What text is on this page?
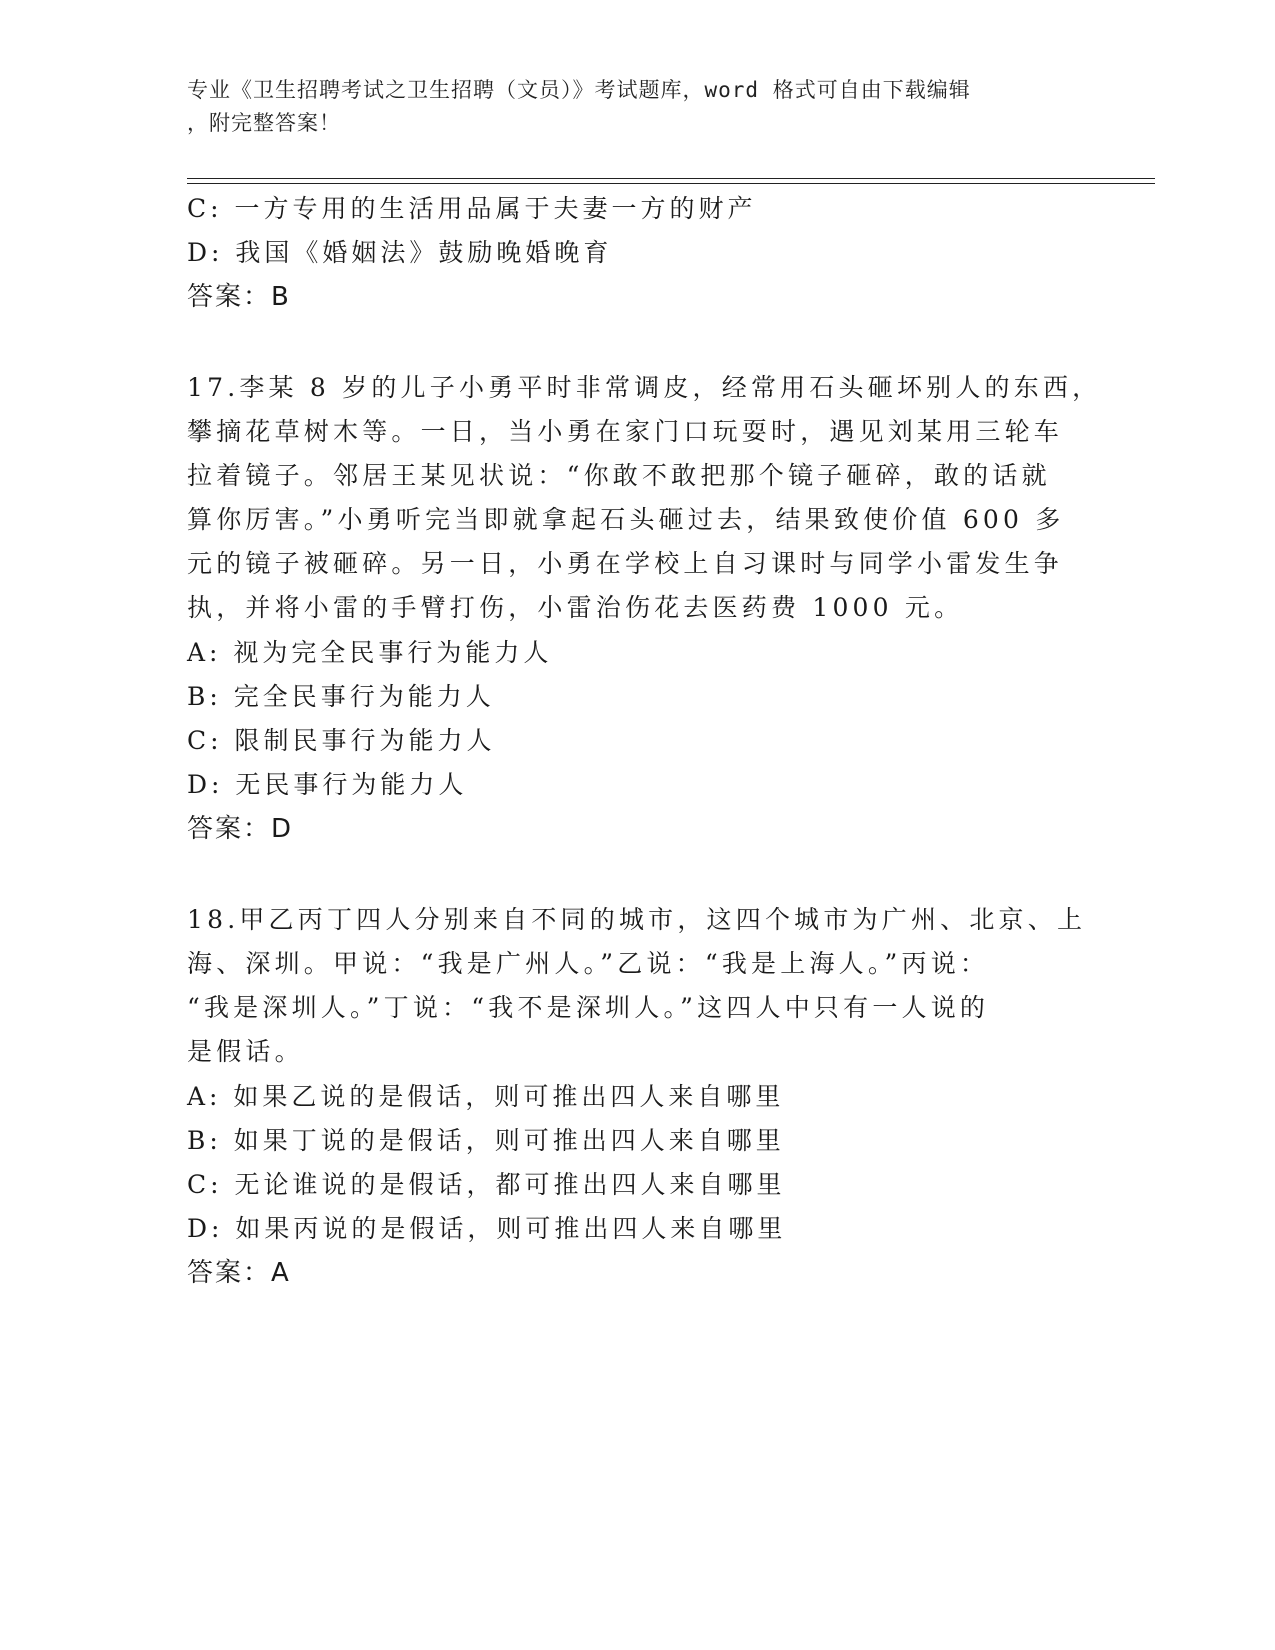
专业《卫生招聘考试之卫生招聘（文员）》考试题库，word 格式可自由下载编辑
，附完整答案！
C: 一方专用的生活用品属于夫妻一方的财产
D: 我国《婚姻法》鼓励晚婚晚育
答案：B
17.李某 8 岁的儿子小勇平时非常调皮，经常用石头砸坏别人的东西，
攀摘花草树木等。一日，当小勇在家门口玩耍时，遇见刘某用三轮车
拉着镜子。邻居王某见状说：“你敢不敢把那个镜子砸碎，敢的话就
算你厉害。”小勇听完当即就拿起石头砸过去，结果致使价值 600 多
元的镜子被砸碎。另一日，小勇在学校上自习课时与同学小雷发生争
执，并将小雷的手臂打伤，小雷治伤花去医药费 1000 元。
A: 视为完全民事行为能力人
B: 完全民事行为能力人
C: 限制民事行为能力人
D: 无民事行为能力人
答案：D
18.甲乙丙丁四人分别来自不同的城市，这四个城市为广州、北京、上
海、深圳。甲说：“我是广州人。”乙说：“我是上海人。”丙说：
“我是深圳人。”丁说：“我不是深圳人。”这四人中只有一人说的
是假话。
A: 如果乙说的是假话，则可推出四人来自哪里
B: 如果丁说的是假话，则可推出四人来自哪里
C: 无论谁说的是假话，都可推出四人来自哪里
D: 如果丙说的是假话，则可推出四人来自哪里
答案：A
